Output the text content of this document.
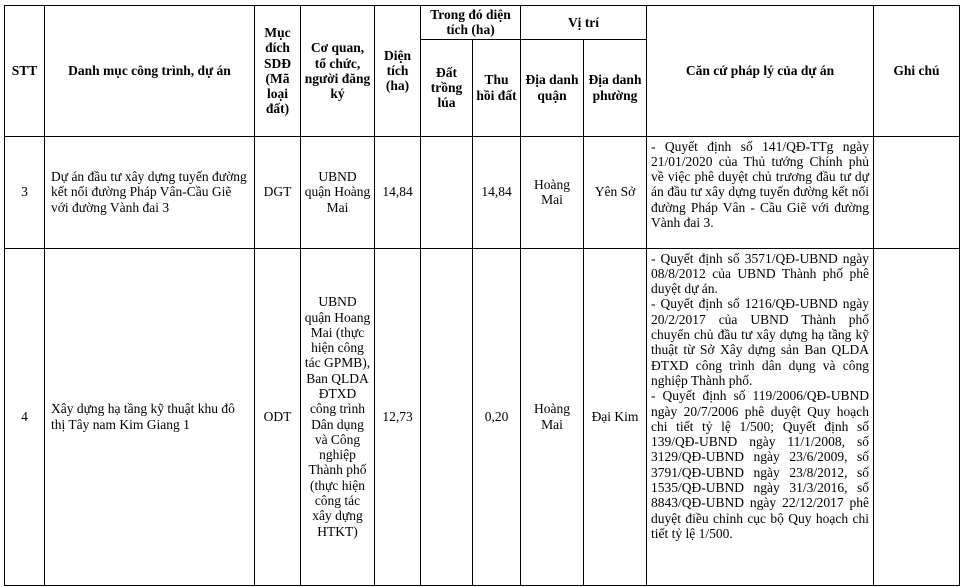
STT	Danh mục công trình, dự án	Mục đích SDĐ (Mã loại đất)	Cơ quan, tổ chức, người đăng ký	Diện tích (ha)	Trong đó diện tích (ha)		Vị trí		Căn cứ pháp lý của dự án	Ghi chú
					Đất trồng lúa	Thu hồi đất	Địa danh quận	Địa danh phường		
3	Dự án đầu tư xây dựng tuyến đường kết nối đường Pháp Vân-Cầu Giẽ với đường Vành đai 3	DGT	UBND quận Hoàng Mai	14,84		14,84	Hoàng Mai	Yên Sở	- Quyết định số 141/QĐ-TTg ngày 21/01/2020 của Thủ tướng Chính phủ về việc phê duyệt chủ trương đầu tư dự án đầu tư xây dựng tuyến đường kết nối đường Pháp Vân - Cầu Giẽ với đường Vành đai 3.	

4	Xây dựng hạ tầng kỹ thuật khu đô thị Tây nam Kim Giang 1	ODT	UBND quận Hoang Mai (thực hiện công tác GPMB), Ban QLDA ĐTXD công trình Dân dụng và Công nghiệp Thành phố (thực hiện công tác xây dựng HTKT)	12,73		0,20	Hoàng Mai	Đại Kim	- Quyết định số 3571/QĐ-UBND ngày 08/8/2012 của UBND Thành phố phê duyệt dự án.
- Quyết định số 1216/QĐ-UBND ngày 20/2/2017 của UBND Thành phố chuyển chủ đầu tư xây dựng hạ tầng kỹ thuật từ Sở Xây dựng sản Ban QLDA ĐTXD công trình dân dụng và công nghiệp Thành phố.
- Quyết định số 119/2006/QĐ-UBND ngày 20/7/2006 phê duyệt Quy hoạch chi tiết tỷ lệ 1/500; Quyết định số 139/QĐ-UBND ngày 11/1/2008, số 3129/QĐ-UBND ngày 23/6/2009, số 3791/QĐ-UBND ngày 23/8/2012, số 1535/QĐ-UBND ngày 31/3/2016, số 8843/QĐ-UBND ngày 22/12/2017 phê duyệt điều chỉnh cục bộ Quy hoạch chi tiết tỷ lệ 1/500.	
